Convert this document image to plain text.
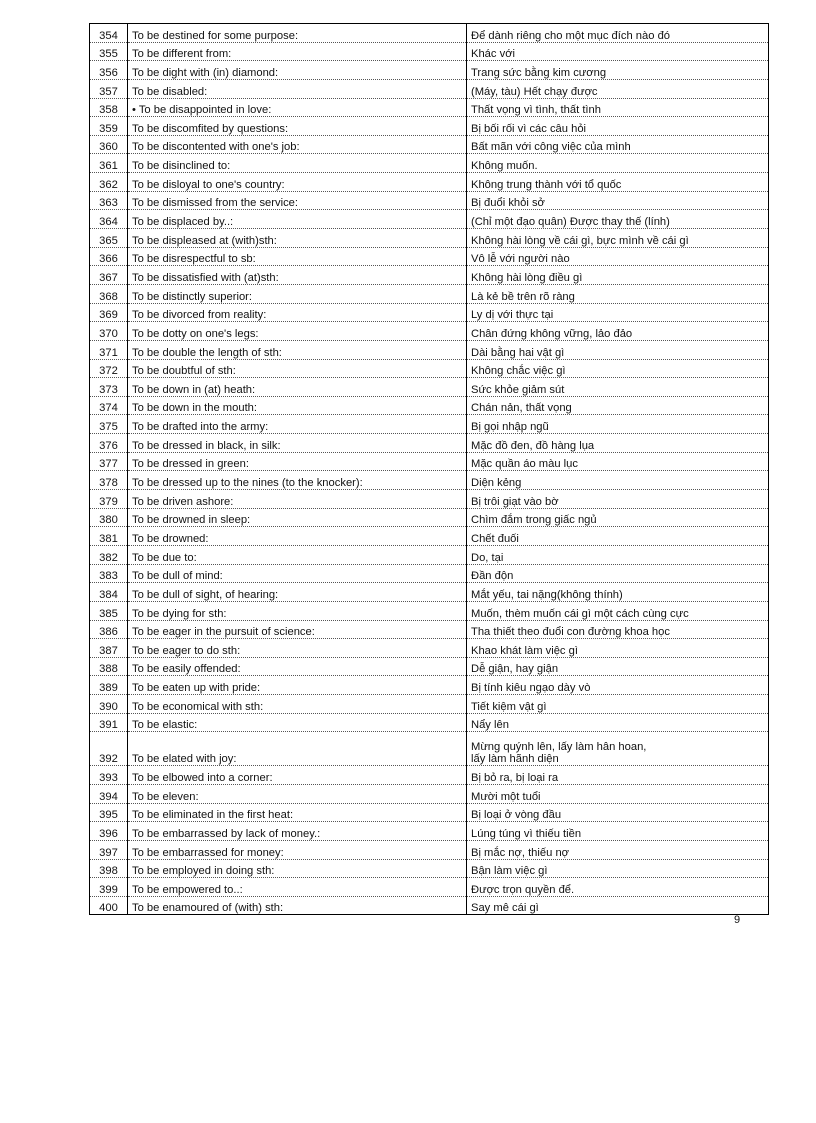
354	To be destined for some purpose:	Để dành riêng cho một mục đích nào đó
355	To be different from:	Khác với
356	To be dight with (in) diamond:	Trang sức bằng kim cương
357	To be disabled:	(Máy, tàu) Hết chạy được
358	• To be disappointed in love:	Thất vọng vì tình, thất tình
359	To be discomfited by questions:	Bị bối rối vì các câu hỏi
360	To be discontented with one's job:	Bất mãn với công việc của mình
361	To be disinclined to:	Không muốn.
362	To be disloyal to one's country:	Không trung thành với tổ quốc
363	To be dismissed from the service:	Bị đuổi khỏi sở
364	To be displaced by..:	(Chỉ một đạo quân) Được thay thế (lính)
365	To be displeased at (with)sth:	Không hài lòng về cái gì, bực mình về cái gì
366	To be disrespectful to sb:	Vô lễ với người nào
367	To be dissatisfied with (at)sth:	Không hài lòng điều gì
368	To be distinctly superior:	Là kẻ bề trên rõ ràng
369	To be divorced from reality:	Ly dị với thực tại
370	To be dotty on one's legs:	Chân đứng không vững, lảo đảo
371	To be double the length of sth:	Dài bằng hai vật gì
372	To be doubtful of sth:	Không chắc việc gì
373	To be down in (at) heath:	Sức khỏe giảm sút
374	To be down in the mouth:	Chán nản, thất vọng
375	To be drafted into the army:	Bị gọi nhập ngũ
376	To be dressed in black, in silk:	Mặc đồ đen, đồ hàng lụa
377	To be dressed in green:	Mặc quần áo màu lục
378	To be dressed up to the nines (to the knocker):	Diện kẻng
379	To be driven ashore:	Bị trôi giạt vào bờ
380	To be drowned in sleep:	Chìm đắm trong giấc ngủ
381	To be drowned:	Chết đuối
382	To be due to:	Do, tại
383	To be dull of mind:	Đần độn
384	To be dull of sight, of hearing:	Mắt yếu, tai nặng(không thính)
385	To be dying for sth:	Muốn, thèm muốn cái gì một cách cùng cực
386	To be eager in the pursuit of science:	Tha thiết theo đuổi con đường khoa học
387	To be eager to do sth:	Khao khát làm việc gì
388	To be easily offended:	Dễ giận, hay giận
389	To be eaten up with pride:	Bị tính kiêu ngạo dày vò
390	To be economical with sth:	Tiết kiệm vật gì
391	To be elastic:	Nẩy lên
392	To be elated with joy:	Mừng quýnh lên, lấy làm hân hoan,
lấy làm hãnh diện
393	To be elbowed into a corner:	Bị bỏ ra, bị loại ra
394	To be eleven:	Mười một tuổi
395	To be eliminated in the first heat:	Bị loại ở vòng đầu
396	To be embarrassed by lack of money.:	Lúng túng vì thiếu tiền
397	To be embarrassed for money:	Bị mắc nợ, thiếu nợ
398	To be employed in doing sth:	Bận làm việc gì
399	To be empowered to..:	Được trọn quyền để.
400	To be enamoured of (with) sth:	Say mê cái gì
9
